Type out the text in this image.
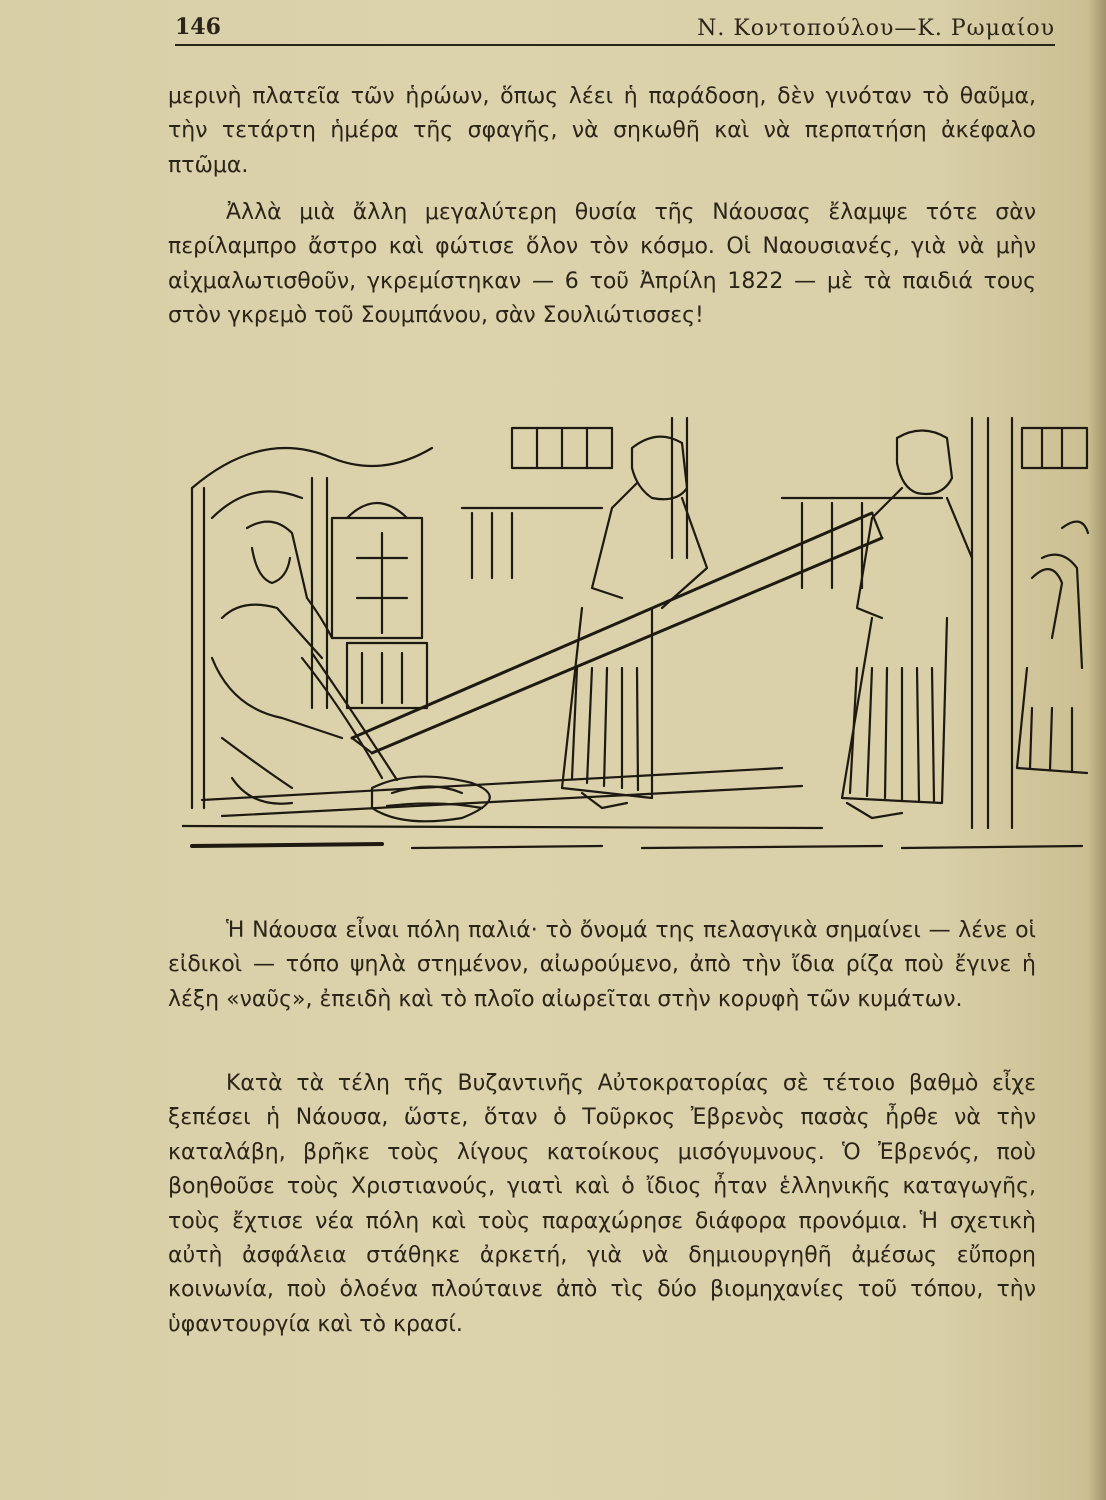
146	Ν. Κοντοπούλου—Κ. Ρωμαίου

μερινὴ πλατεῖα τῶν ἡρώων, ὅπως λέει ἡ παράδοση, δὲν γινόταν τὸ θαῦμα, τὴν τετάρτη ἡμέρα τῆς σφαγῆς, νὰ σηκωθῆ καὶ νὰ περπατήση ἀκέφαλο πτῶμα.

Ἀλλὰ μιὰ ἄλλη μεγαλύτερη θυσία τῆς Νάουσας ἔλαμψε τότε σὰν περίλαμπρο ἄστρο καὶ φώτισε ὅλον τὸν κόσμο. Οἱ Ναουσιανές, γιὰ νὰ μὴν αἰχμαλωτισθοῦν, γκρεμίστηκαν — 6 τοῦ Ἀπρίλη 1822 — μὲ τὰ παιδιά τους στὸν γκρεμὸ τοῦ Σουμπάνου, σὰν Σουλιώτισσες!

Ἡ Νάουσα εἶναι πόλη παλιά· τὸ ὄνομά της πελασγικὰ σημαίνει — λένε οἱ εἰδικοὶ — τόπο ψηλὰ στημένον, αἰωρούμενο, ἀπὸ τὴν ἴδια ρίζα ποὺ ἔγινε ἡ λέξη «ναῦς», ἐπειδὴ καὶ τὸ πλοῖο αἰωρεῖται στὴν κορυφὴ τῶν κυμάτων.

Κατὰ τὰ τέλη τῆς Βυζαντινῆς Αὐτοκρατορίας σὲ τέτοιο βαθμὸ εἶχε ξεπέσει ἡ Νάουσα, ὥστε, ὅταν ὁ Τοῦρκος Ἐβρενὸς πασὰς ἦρθε νὰ τὴν καταλάβη, βρῆκε τοὺς λίγους κατοίκους μισόγυμνους. Ὁ Ἐβρενός, ποὺ βοηθοῦσε τοὺς Χριστιανούς, γιατὶ καὶ ὁ ἴδιος ἦταν ἑλληνικῆς καταγωγῆς, τοὺς ἔχτισε νέα πόλη καὶ τοὺς παραχώρησε διάφορα προνόμια. Ἡ σχετικὴ αὐτὴ ἀσφάλεια στάθηκε ἀρκετή, γιὰ νὰ δημιουργηθῆ ἀμέσως εὔπορη κοινωνία, ποὺ ὁλοένα πλούταινε ἀπὸ τὶς δύο βιομηχανίες τοῦ τόπου, τὴν ὑφαντουργία καὶ τὸ κρασί.
